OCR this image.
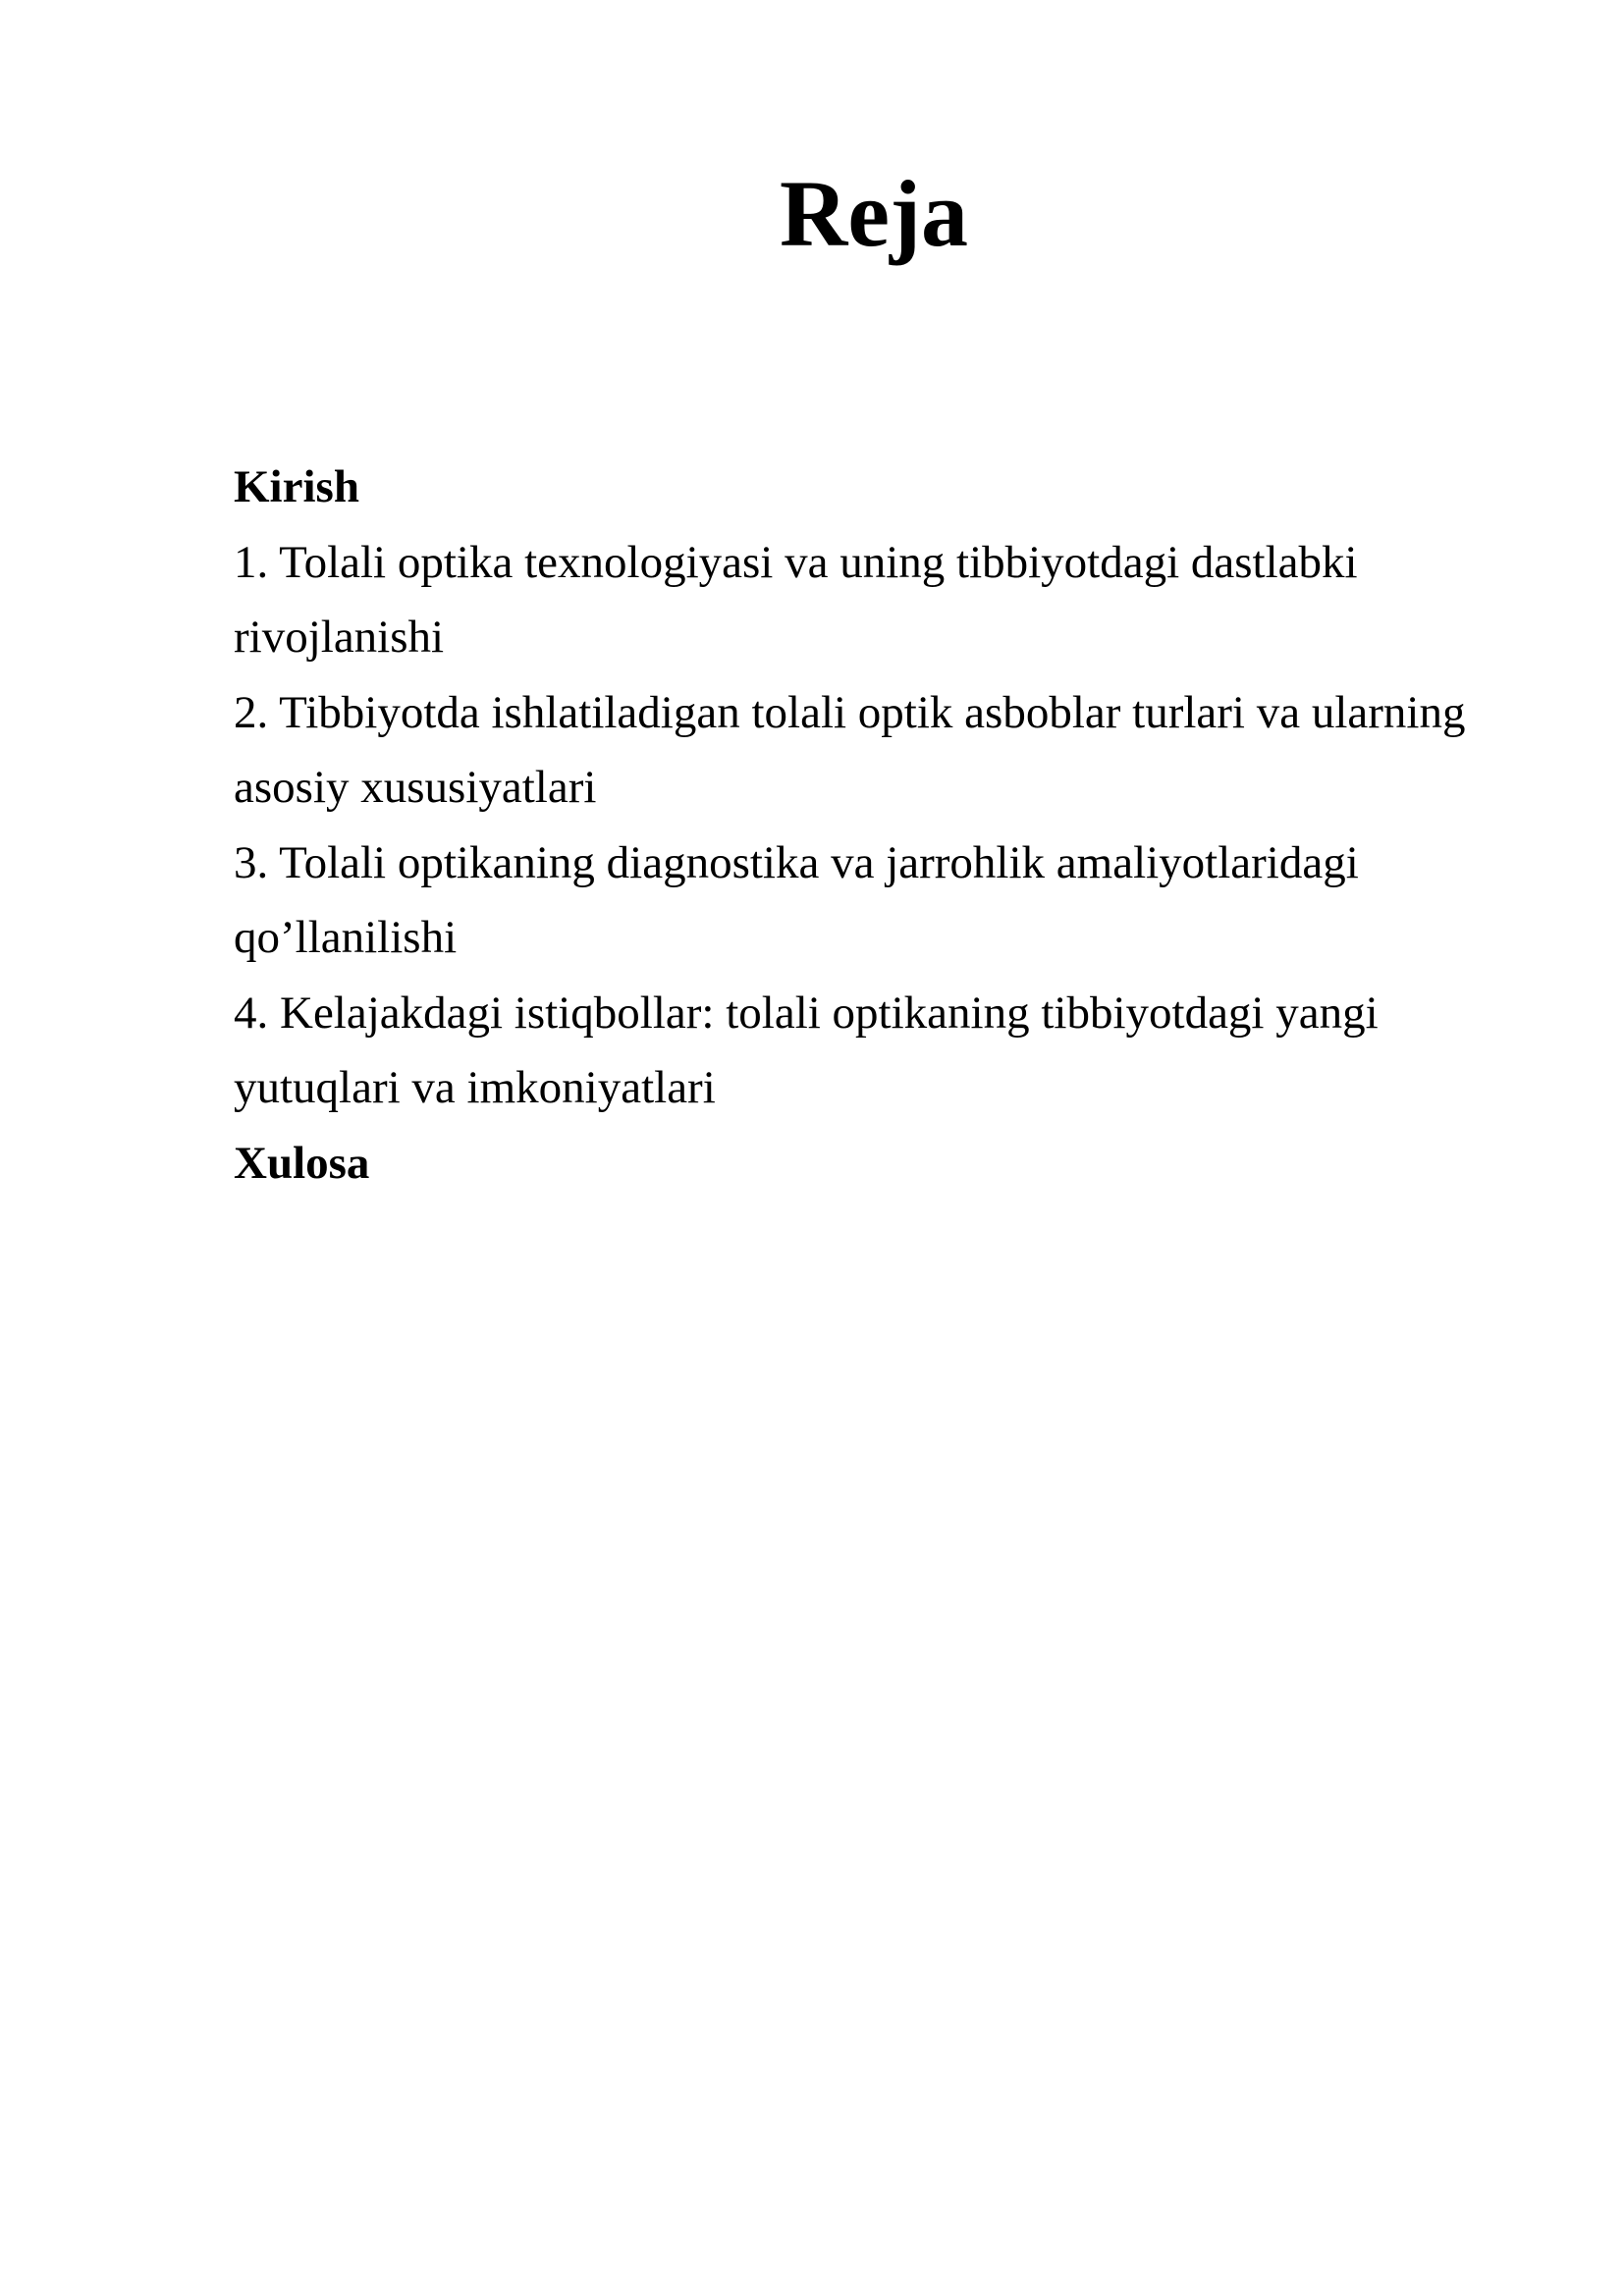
Reja

Kirish

1. Tolali optika texnologiyasi va uning tibbiyotdagi dastlabki

rivojlanishi

2. Tibbiyotda ishlatiladigan tolali optik asboblar turlari va ularning

asosiy xususiyatlari

3. Tolali optikaning diagnostika va jarrohlik amaliyotlaridagi

qo’llanilishi

4. Kelajakdagi istiqbollar: tolali optikaning tibbiyotdagi yangi

yutuqlari va imkoniyatlari

Xulosa
